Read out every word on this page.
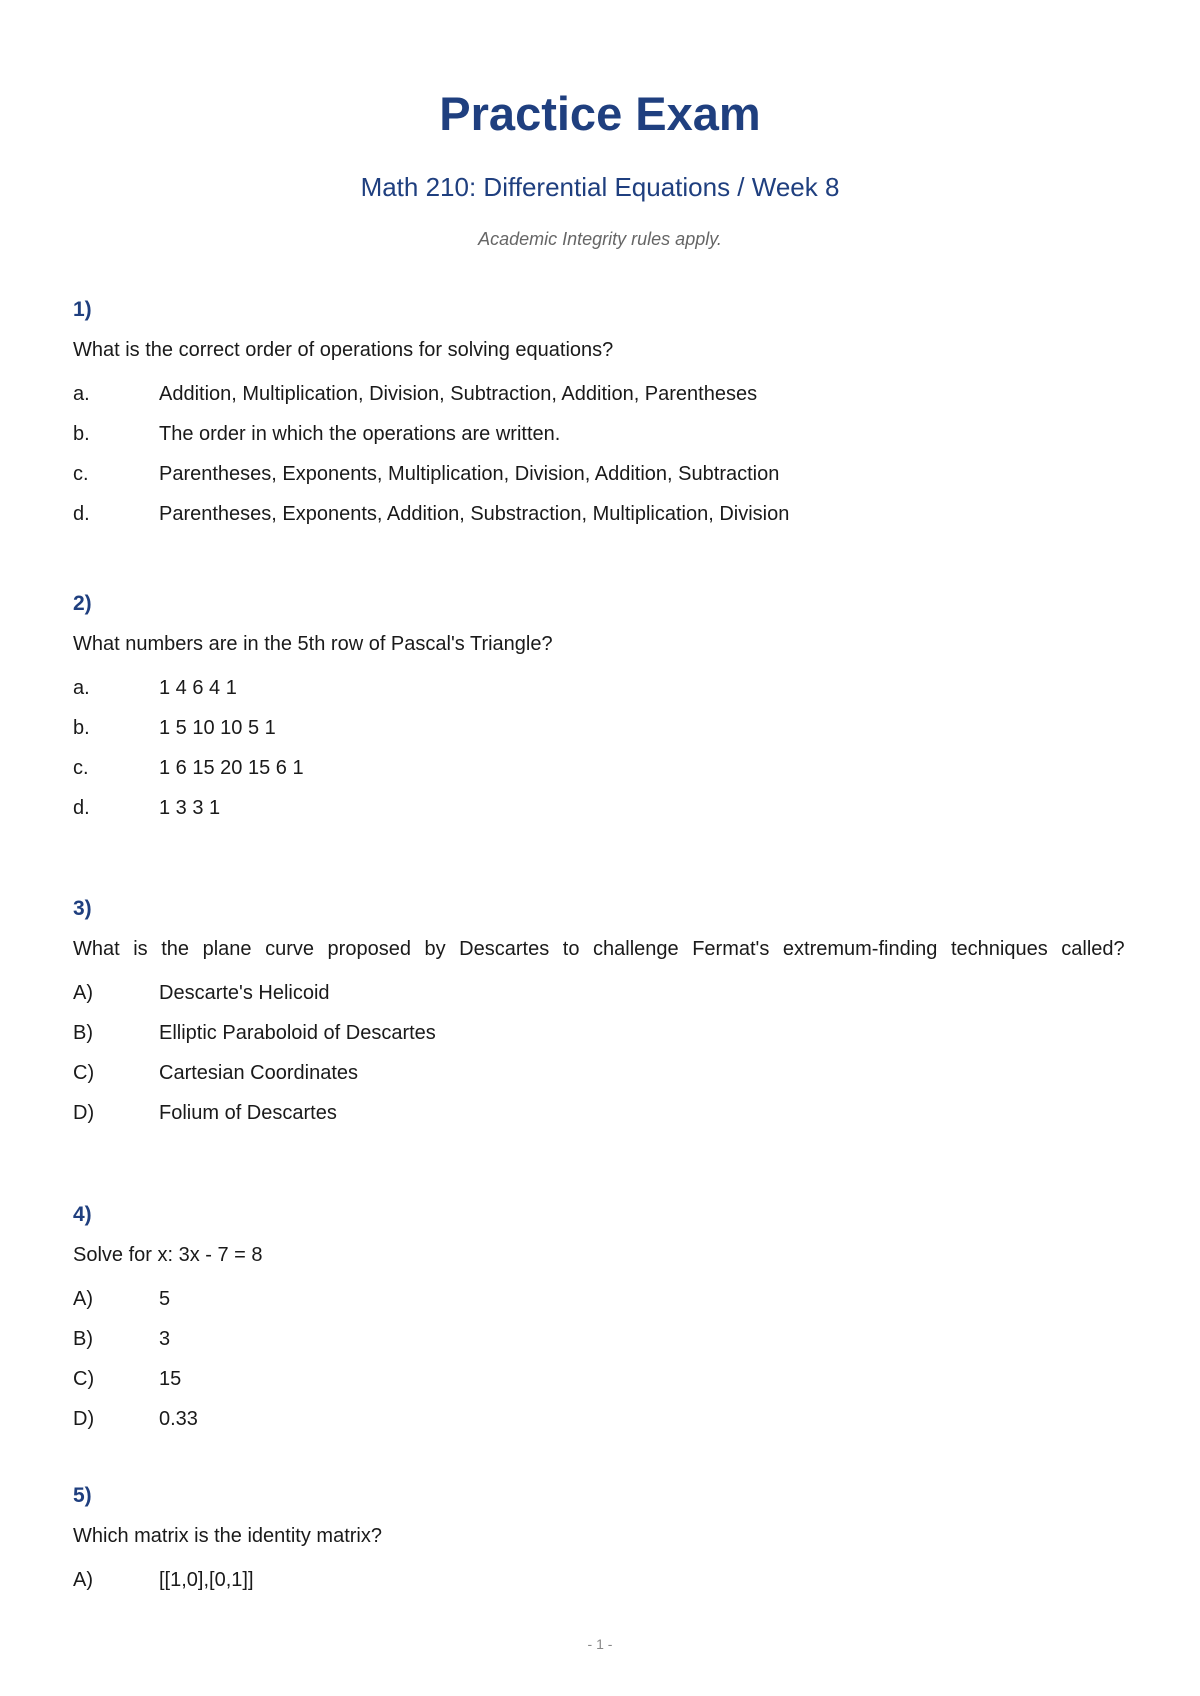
Practice Exam
Math 210: Differential Equations / Week 8
Academic Integrity rules apply.
1)
What is the correct order of operations for solving equations?
a.	Addition, Multiplication, Division, Subtraction, Addition, Parentheses
b.	The order in which the operations are written.
c.	Parentheses, Exponents, Multiplication, Division, Addition, Subtraction
d.	Parentheses, Exponents, Addition, Substraction, Multiplication, Division
2)
What numbers are in the 5th row of Pascal's Triangle?
a.	1 4 6 4 1
b.	1 5 10 10 5 1
c.	1 6 15 20 15 6 1
d.	1 3 3 1
3)
What is the plane curve proposed by Descartes to challenge Fermat's extremum-finding techniques called?
A)	Descarte's Helicoid
B)	Elliptic Paraboloid of Descartes
C)	Cartesian Coordinates
D)	Folium of Descartes
4)
Solve for x: 3x - 7 = 8
A)	5
B)	3
C)	15
D)	0.33
5)
Which matrix is the identity matrix?
A)	[[1,0],[0,1]]
- 1 -
